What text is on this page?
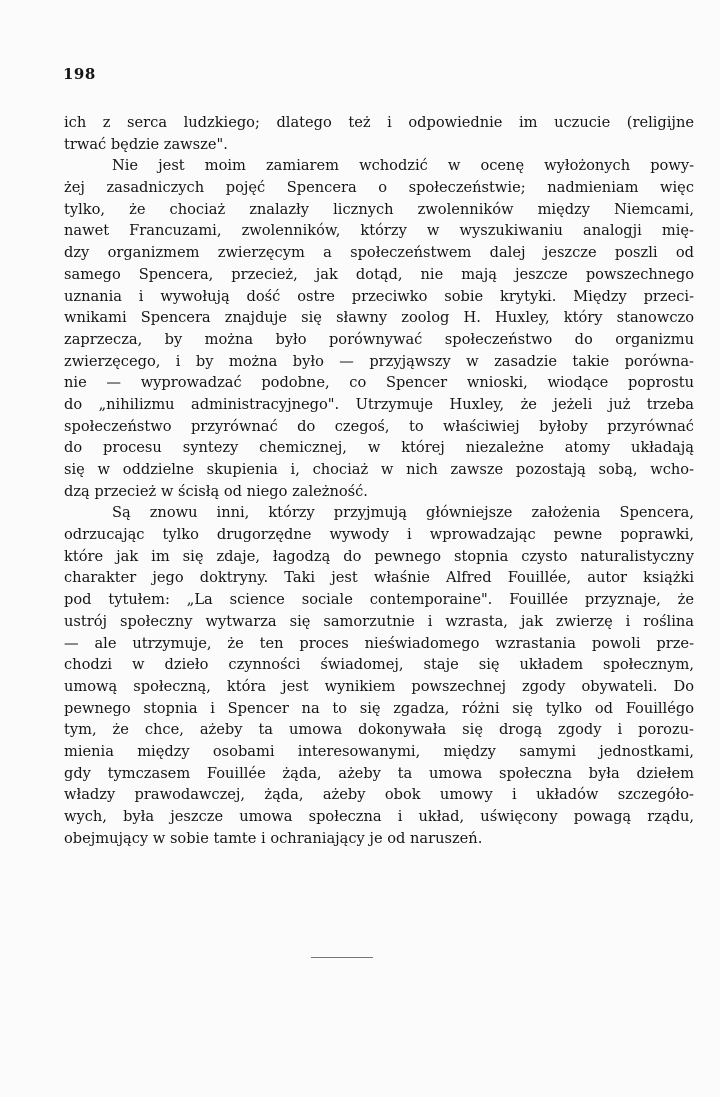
198
ich z serca ludzkiego; dlatego też i odpowiednie im uczucie (religijne
trwać będzie zawsze".
Nie jest moim zamiarem wchodzić w ocenę wyłożonych powy-
żej zasadniczych pojęć Spencera o społeczeństwie; nadmieniam więc
tylko, że chociaż znalazły licznych zwolenników między Niemcami,
nawet Francuzami, zwolenników, którzy w wyszukiwaniu analogji mię-
dzy organizmem zwierzęcym a społeczeństwem dalej jeszcze poszli od
samego Spencera, przecież, jak dotąd, nie mają jeszcze powszechnego
uznania i wywołują dość ostre przeciwko sobie krytyki. Między przeci-
wnikami Spencera znajduje się sławny zoolog H. Huxley, który stanowczo
zaprzecza, by można było porównywać społeczeństwo do organizmu
zwierzęcego, i by można było — przyjąwszy w zasadzie takie porówna-
nie — wyprowadzać podobne, co Spencer wnioski, wiodące poprostu
do „nihilizmu administracyjnego". Utrzymuje Huxley, że jeżeli już trzeba
społeczeństwo przyrównać do czegoś, to właściwiej byłoby przyrównać
do procesu syntezy chemicznej, w której niezależne atomy układają
się w oddzielne skupienia i, chociaż w nich zawsze pozostają sobą, wcho-
dzą przecież w ścisłą od niego zależność.
Są znowu inni, którzy przyjmują główniejsze założenia Spencera,
odrzucając tylko drugorzędne wywody i wprowadzając pewne poprawki,
które jak im się zdaje, łagodzą do pewnego stopnia czysto naturalistyczny
charakter jego doktryny. Taki jest właśnie Alfred Fouillée, autor książki
pod tytułem: „La science sociale contemporaine". Fouillée przyznaje, że
ustrój społeczny wytwarza się samorzutnie i wzrasta, jak zwierzę i roślina
— ale utrzymuje, że ten proces nieświadomego wzrastania powoli prze-
chodzi w dzieło czynności świadomej, staje się układem społecznym,
umową społeczną, która jest wynikiem powszechnej zgody obywateli. Do
pewnego stopnia i Spencer na to się zgadza, różni się tylko od Fouillégo
tym, że chce, ażeby ta umowa dokonywała się drogą zgody i porozu-
mienia między osobami interesowanymi, między samymi jednostkami,
gdy tymczasem Fouillée żąda, ażeby ta umowa społeczna była dziełem
władzy prawodawczej, żąda, ażeby obok umowy i układów szczegóło-
wych, była jeszcze umowa społeczna i układ, uświęcony powagą rządu,
obejmujący w sobie tamte i ochraniający je od naruszeń.
